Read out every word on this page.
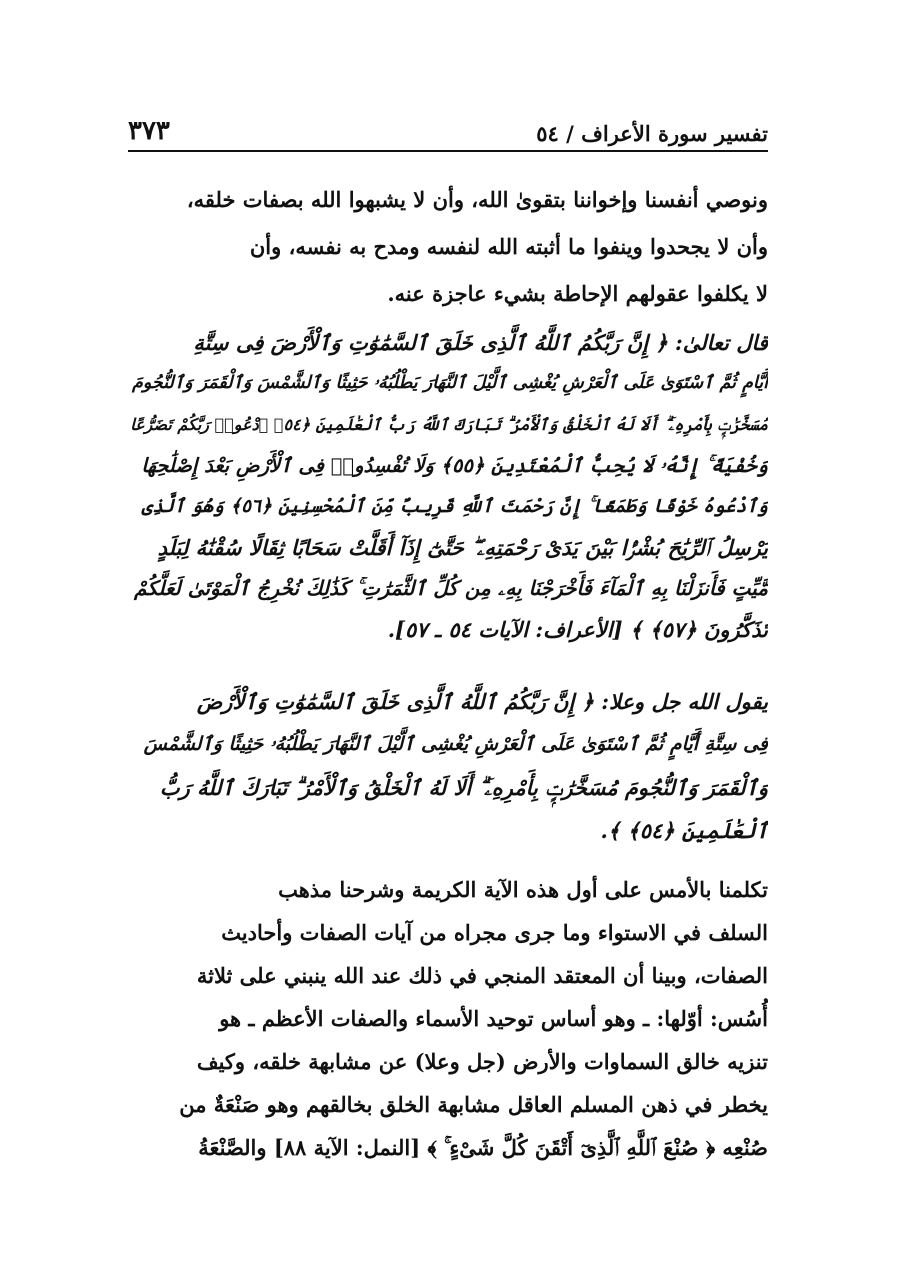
تفسير سورة الأعراف / ٥٤
٣٧٣
ونوصي أنفسنا وإخواننا بتقوىٰ الله، وأن لا يشبهوا الله بصفات خلقه،
وأن لا يجحدوا وينفوا ما أثبته الله لنفسه ومدح به نفسه، وأن
لا يكلفوا عقولهم الإحاطة بشيء عاجزة عنه.
قال تعالىٰ: ﴿ إِنَّ رَبَّكُمُ ٱللَّهُ ٱلَّذِى خَلَقَ ٱلسَّمَٰوَٰتِ وَٱلْأَرْضَ فِى سِتَّةِ
أَيَّامٍ ثُمَّ ٱسْتَوَىٰ عَلَى ٱلْعَرْشِ يُغْشِى ٱلَّيْلَ ٱلنَّهَارَ يَطْلُبُهُۥ حَثِيثًا وَٱلشَّمْسَ وَٱلْقَمَرَ وَٱلنُّجُومَ
مُسَخَّرَٰتٍۭ بِأَمْرِهِۦٓ ۗ أَلَا لَهُ ٱلْخَلْقُ وَٱلْأَمْرُ ۗ تَبَارَكَ ٱللَّهُ رَبُّ ٱلْعَٰلَمِينَ ﴿٥٤﴾ ٱدْعُوا۟ رَبَّكُمْ تَضَرُّعًا
وَخُفْيَةً ۚ إِنَّهُۥ لَا يُحِبُّ ٱلْمُعْتَدِينَ ﴿٥٥﴾ وَلَا تُفْسِدُوا۟ فِى ٱلْأَرْضِ بَعْدَ إِصْلَٰحِهَا
وَٱدْعُوهُ خَوْفًا وَطَمَعًا ۚ إِنَّ رَحْمَتَ ٱللَّهِ قَرِيبٌ مِّنَ ٱلْمُحْسِنِينَ ﴿٥٦﴾ وَهُوَ ٱلَّذِى
يُرْسِلُ ٱلرِّيَٰحَ بُشْرًۢا بَيْنَ يَدَىْ رَحْمَتِهِۦ ۖ حَتَّىٰٓ إِذَآ أَقَلَّتْ سَحَابًا ثِقَالًا سُقْنَٰهُ لِبَلَدٍ
مَّيِّتٍ فَأَنزَلْنَا بِهِ ٱلْمَآءَ فَأَخْرَجْنَا بِهِۦ مِن كُلِّ ٱلثَّمَرَٰتِ ۚ كَذَٰلِكَ نُخْرِجُ ٱلْمَوْتَىٰ لَعَلَّكُمْ
تَذَكَّرُونَ ﴿٥٧﴾ ﴾ [الأعراف: الآيات ٥٤ ـ ٥٧].
يقول الله جل وعلا: ﴿ إِنَّ رَبَّكُمُ ٱللَّهُ ٱلَّذِى خَلَقَ ٱلسَّمَٰوَٰتِ وَٱلْأَرْضَ
فِى سِتَّةِ أَيَّامٍ ثُمَّ ٱسْتَوَىٰ عَلَى ٱلْعَرْشِ يُغْشِى ٱلَّيْلَ ٱلنَّهَارَ يَطْلُبُهُۥ حَثِيثًا وَٱلشَّمْسَ
وَٱلْقَمَرَ وَٱلنُّجُومَ مُسَخَّرَٰتٍۭ بِأَمْرِهِۦٓ ۗ أَلَا لَهُ ٱلْخَلْقُ وَٱلْأَمْرُ ۗ تَبَارَكَ ٱللَّهُ رَبُّ
ٱلْعَٰلَمِينَ ﴿٥٤﴾ ﴾.
تكلمنا بالأمس على أول هذه الآية الكريمة وشرحنا مذهب
السلف في الاستواء وما جرى مجراه من آيات الصفات وأحاديث
الصفات، وبينا أن المعتقد المنجي في ذلك عند الله ينبني على ثلاثة
أُسُس: أوّلها: ـ وهو أساس توحيد الأسماء والصفات الأعظم ـ هو
تنزيه خالق السماوات والأرض (جل وعلا) عن مشابهة خلقه، وكيف
يخطر في ذهن المسلم العاقل مشابهة الخلق بخالقهم وهو صَنْعَةٌ من
صُنْعِه ﴿ صُنْعَ ٱللَّهِ ٱلَّذِىٓ أَتْقَنَ كُلَّ شَىْءٍ ۚ ﴾ [النمل: الآية ٨٨] والصَّنْعَةُ
